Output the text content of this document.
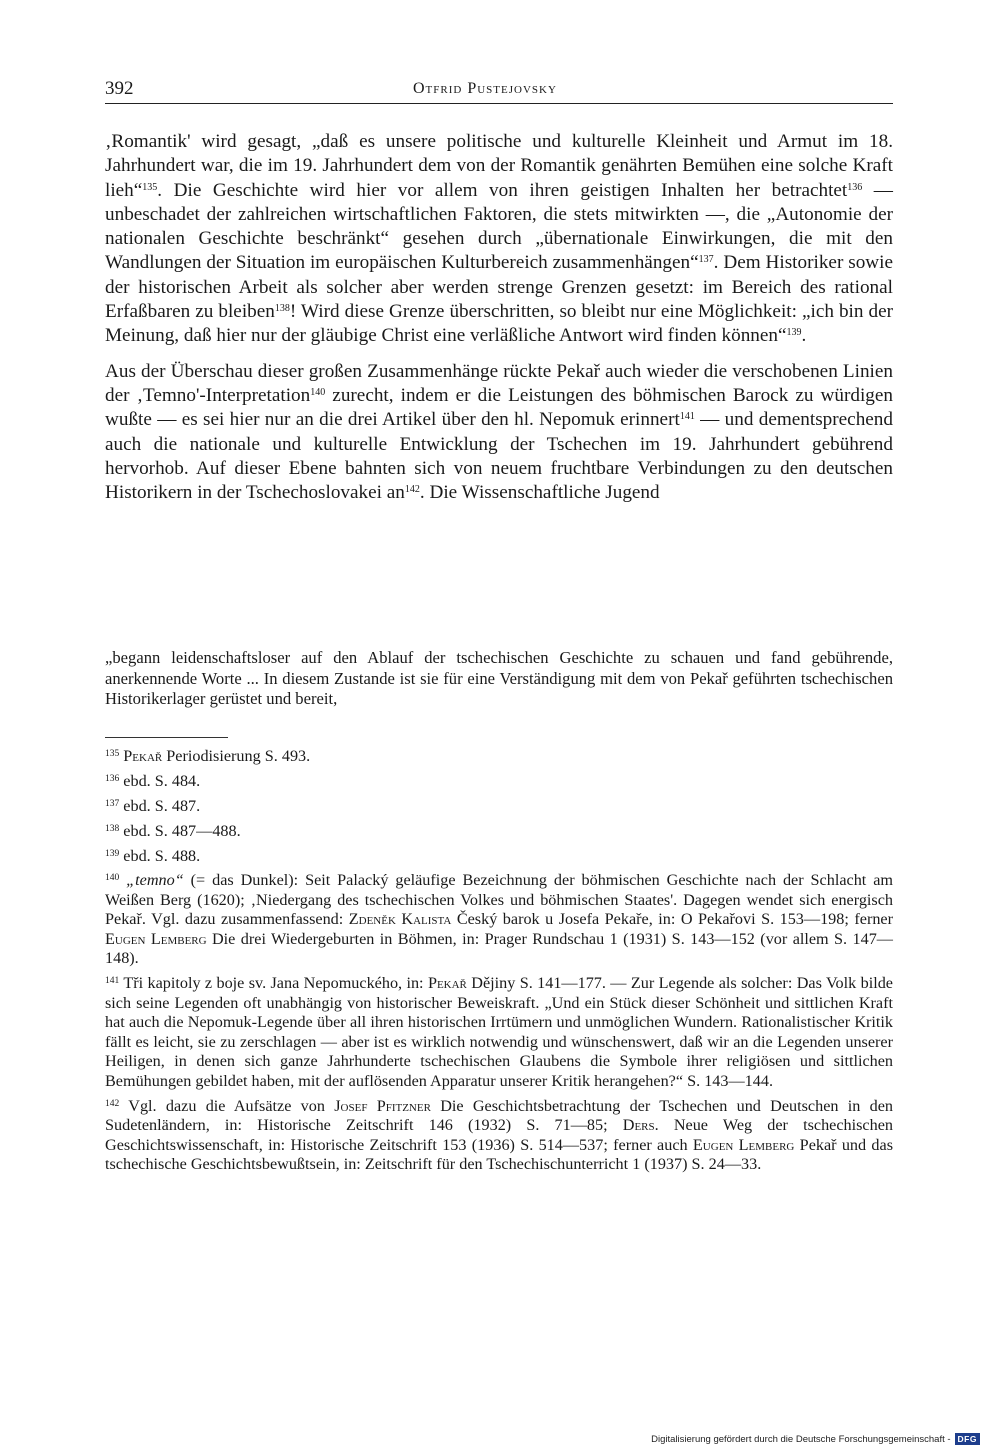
392	Otfrid Pustejovsky

‚Romantik' wird gesagt, „daß es unsere politische und kulturelle Kleinheit und Armut im 18. Jahrhundert war, die im 19. Jahrhundert dem von der Romantik genährten Bemühen eine solche Kraft lieh“$^{135}$. Die Geschichte wird hier vor allem von ihren geistigen Inhalten her betrachtet$^{136}$ — unbeschadet der zahlreichen wirtschaftlichen Faktoren, die stets mitwirkten —, die „Autonomie der nationalen Geschichte beschränkt“ gesehen durch „übernationale Einwirkungen, die mit den Wandlungen der Situation im europäischen Kulturbereich zusammenhängen“$^{137}$. Dem Historiker sowie der historischen Arbeit als solcher aber werden strenge Grenzen gesetzt: im Bereich des rational Erfaßbaren zu bleiben$^{138}$! Wird diese Grenze überschritten, so bleibt nur eine Möglichkeit: „ich bin der Meinung, daß hier nur der gläubige Christ eine verläßliche Antwort wird finden können“$^{139}$.

Aus der Überschau dieser großen Zusammenhänge rückte Pekař auch wieder die verschobenen Linien der ‚Temno'-Interpretation$^{140}$ zurecht, indem er die Leistungen des böhmischen Barock zu würdigen wußte — es sei hier nur an die drei Artikel über den hl. Nepomuk erinnert$^{141}$ — und dementsprechend auch die nationale und kulturelle Entwicklung der Tschechen im 19. Jahrhundert gebührend hervorhob. Auf dieser Ebene bahnten sich von neuem fruchtbare Verbindungen zu den deutschen Historikern in der Tschechoslovakei $an^{142}$. Die Wissenschaftliche Jugend

„begann leidenschaftsloser auf den Ablauf der tschechischen Geschichte zu schauen und fand gebührende, anerkennende Worte ... In diesem Zustande ist sie für eine Verständigung mit dem von Pekař geführten tschechischen Historikerlager gerüstet und bereit,

$^{135}$ Pekař Periodisierung S. 493.

$^{136}$ ebd. S. 484.

$^{137}$ ebd. S. 487.

$^{138}$ ebd. S. 487—488.

$^{139}$ ebd. S. 488.

$^{140}$ „temno“ (= das Dunkel): Seit Palacký geläufige Bezeichnung der böhmischen Geschichte nach der Schlacht am Weißen Berg (1620); ‚Niedergang des tschechischen Volkes und böhmischen Staates'. Dagegen wendet sich energisch Pekař. Vgl. dazu zusammenfassend: Zdeněk Kalista Český barok u Josefa Pekaře, in: O Pekařovi S. 153—198; ferner Eugen Lemberg Die drei Wiedergeburten in Böhmen, in: Prager Rundschau 1 (1931) S. 143—152 (vor allem S. 147—148).

$^{141}$ Tři kapitoly z boje sv. Jana Nepomuckého, in: Pekař Dějiny S. 141—177. — Zur Legende als solcher: Das Volk bilde sich seine Legenden oft unabhängig von historischer Beweiskraft. „Und ein Stück dieser Schönheit und sittlichen Kraft hat auch die Nepomuk-Legende über all ihren historischen Irrtümern und unmöglichen Wundern. Rationalistischer Kritik fällt es leicht, sie zu zerschlagen — aber ist es wirklich notwendig und wünschenswert, daß wir an die Legenden unserer Heiligen, in denen sich ganze Jahrhunderte tschechischen Glaubens die Symbole ihrer religiösen und sittlichen Bemühungen gebildet haben, mit der auflösenden Apparatur unserer Kritik herangehen?“ S. 143—144.

$^{142}$ Vgl. dazu die Aufsätze von Josef Pfitzner Die Geschichtsbetrachtung der Tschechen und Deutschen in den Sudetenländern, in: Historische Zeitschrift 146 (1932) S. 71—85; Ders. Neue Weg der tschechischen Geschichtswissenschaft, in: Historische Zeitschrift 153 (1936) S. 514—537; ferner auch Eugen Lemberg Pekař und das tschechische Geschichtsbewußtsein, in: Zeitschrift für den Tschechischunterricht 1 (1937) S. 24—33.

Digitalisierung gefördert durch die Deutsche Forschungsgemeinschaft - DFG
